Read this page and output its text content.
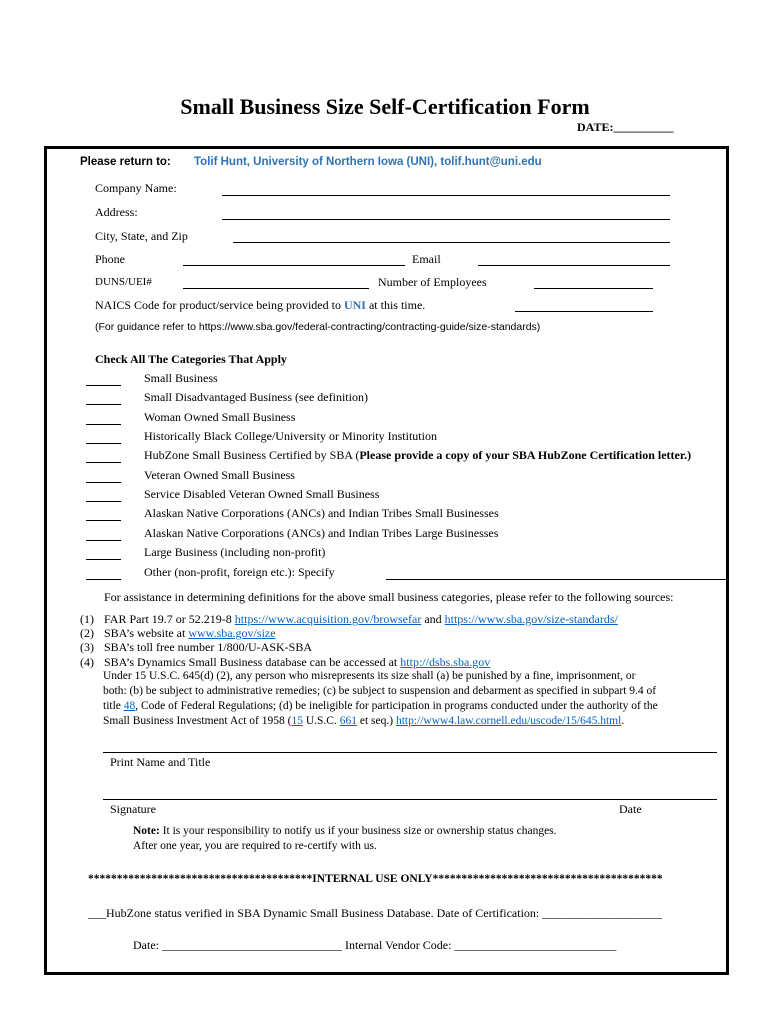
Small Business Size Self-Certification Form
DATE:__________
Please return to: Tolif Hunt, University of Northern Iowa (UNI), tolif.hunt@uni.edu
Company Name:
Address:
City, State, and Zip
Phone	Email
DUNS/UEI#	Number of Employees
NAICS Code for product/service being provided to UNI at this time.
(For guidance refer to https://www.sba.gov/federal-contracting/contracting-guide/size-standards)
Check All The Categories That Apply
Small Business
Small Disadvantaged Business (see definition)
Woman Owned Small Business
Historically Black College/University or Minority Institution
HubZone Small Business Certified by SBA (Please provide a copy of your SBA HubZone Certification letter.)
Veteran Owned Small Business
Service Disabled Veteran Owned Small Business
Alaskan Native Corporations (ANCs) and Indian Tribes Small Businesses
Alaskan Native Corporations (ANCs) and Indian Tribes Large Businesses
Large Business (including non-profit)
Other (non-profit, foreign etc.): Specify
For assistance in determining definitions for the above small business categories, please refer to the following sources:
(1) FAR Part 19.7 or 52.219-8 https://www.acquisition.gov/browsefar and https://www.sba.gov/size-standards/
(2) SBA’s website at www.sba.gov/size
(3) SBA’s toll free number 1/800/U-ASK-SBA
(4) SBA’s Dynamics Small Business database can be accessed at http://dsbs.sba.gov
Under 15 U.S.C. 645(d) (2), any person who misrepresents its size shall (a) be punished by a fine, imprisonment, or
both: (b) be subject to administrative remedies; (c) be subject to suspension and debarment as specified in subpart 9.4 of
title 48, Code of Federal Regulations; (d) be ineligible for participation in programs conducted under the authority of the
Small Business Investment Act of 1958 (15 U.S.C. 661 et seq.) http://www4.law.cornell.edu/uscode/15/645.html.
Print Name and Title
Signature	Date
Note: It is your responsibility to notify us if your business size or ownership status changes.
After one year, you are required to re-certify with us.
***************************************INTERNAL USE ONLY****************************************
___HubZone status verified in SBA Dynamic Small Business Database. Date of Certification: ____________________
Date: ______________________________ Internal Vendor Code: ___________________________
